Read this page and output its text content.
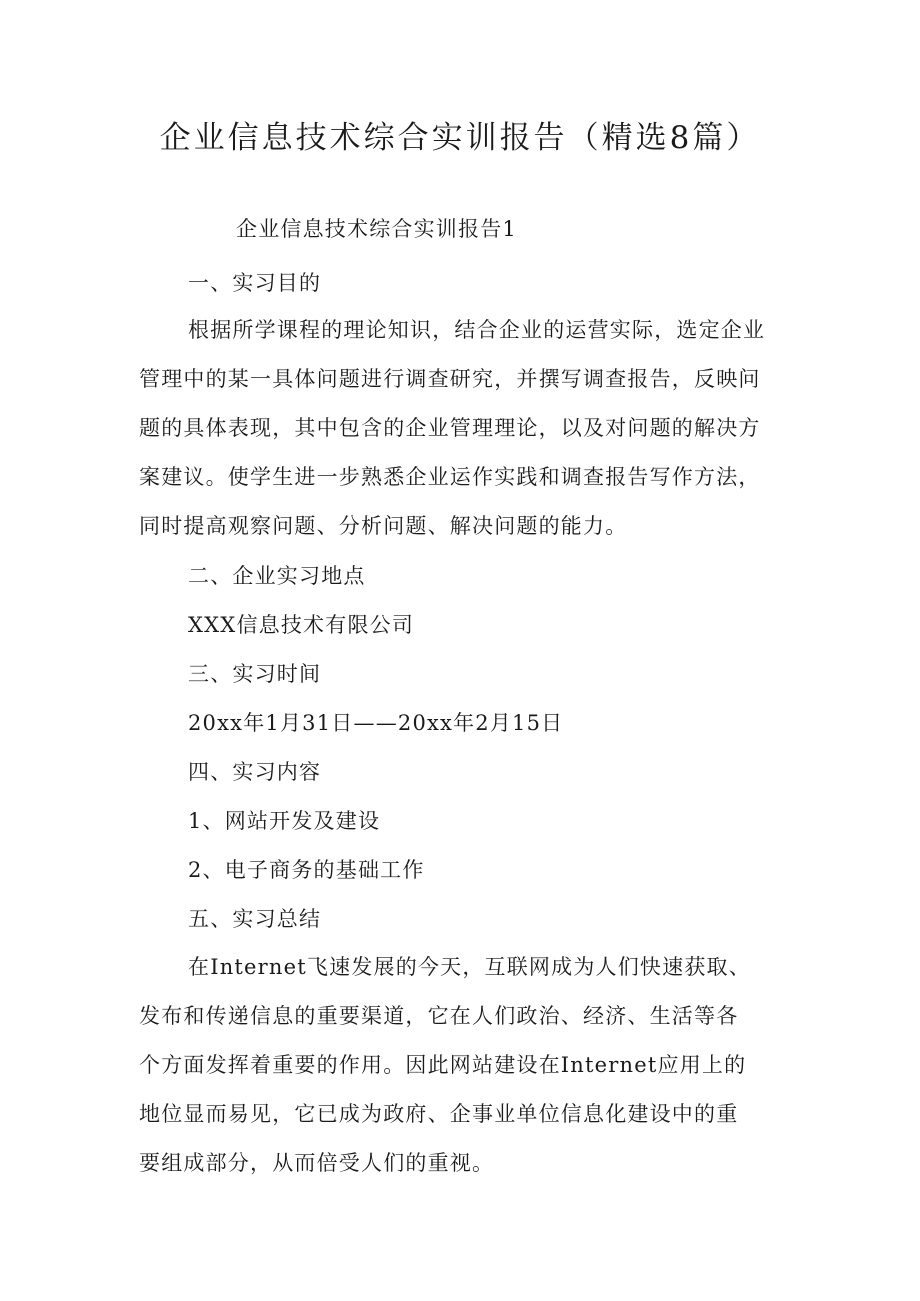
企业信息技术综合实训报告（精选8篇）
企业信息技术综合实训报告1
一、实习目的
根据所学课程的理论知识，结合企业的运营实际，选定企业
管理中的某一具体问题进行调查研究，并撰写调查报告，反映问
题的具体表现，其中包含的企业管理理论，以及对问题的解决方
案建议。使学生进一步熟悉企业运作实践和调查报告写作方法，
同时提高观察问题、分析问题、解决问题的能力。
二、企业实习地点
XXX信息技术有限公司
三、实习时间
20xx年1月31日——20xx年2月15日
四、实习内容
1、网站开发及建设
2、电子商务的基础工作
五、实习总结
在Internet飞速发展的今天，互联网成为人们快速获取、
发布和传递信息的重要渠道，它在人们政治、经济、生活等各
个方面发挥着重要的作用。因此网站建设在Internet应用上的
地位显而易见，它已成为政府、企事业单位信息化建设中的重
要组成部分，从而倍受人们的重视。
